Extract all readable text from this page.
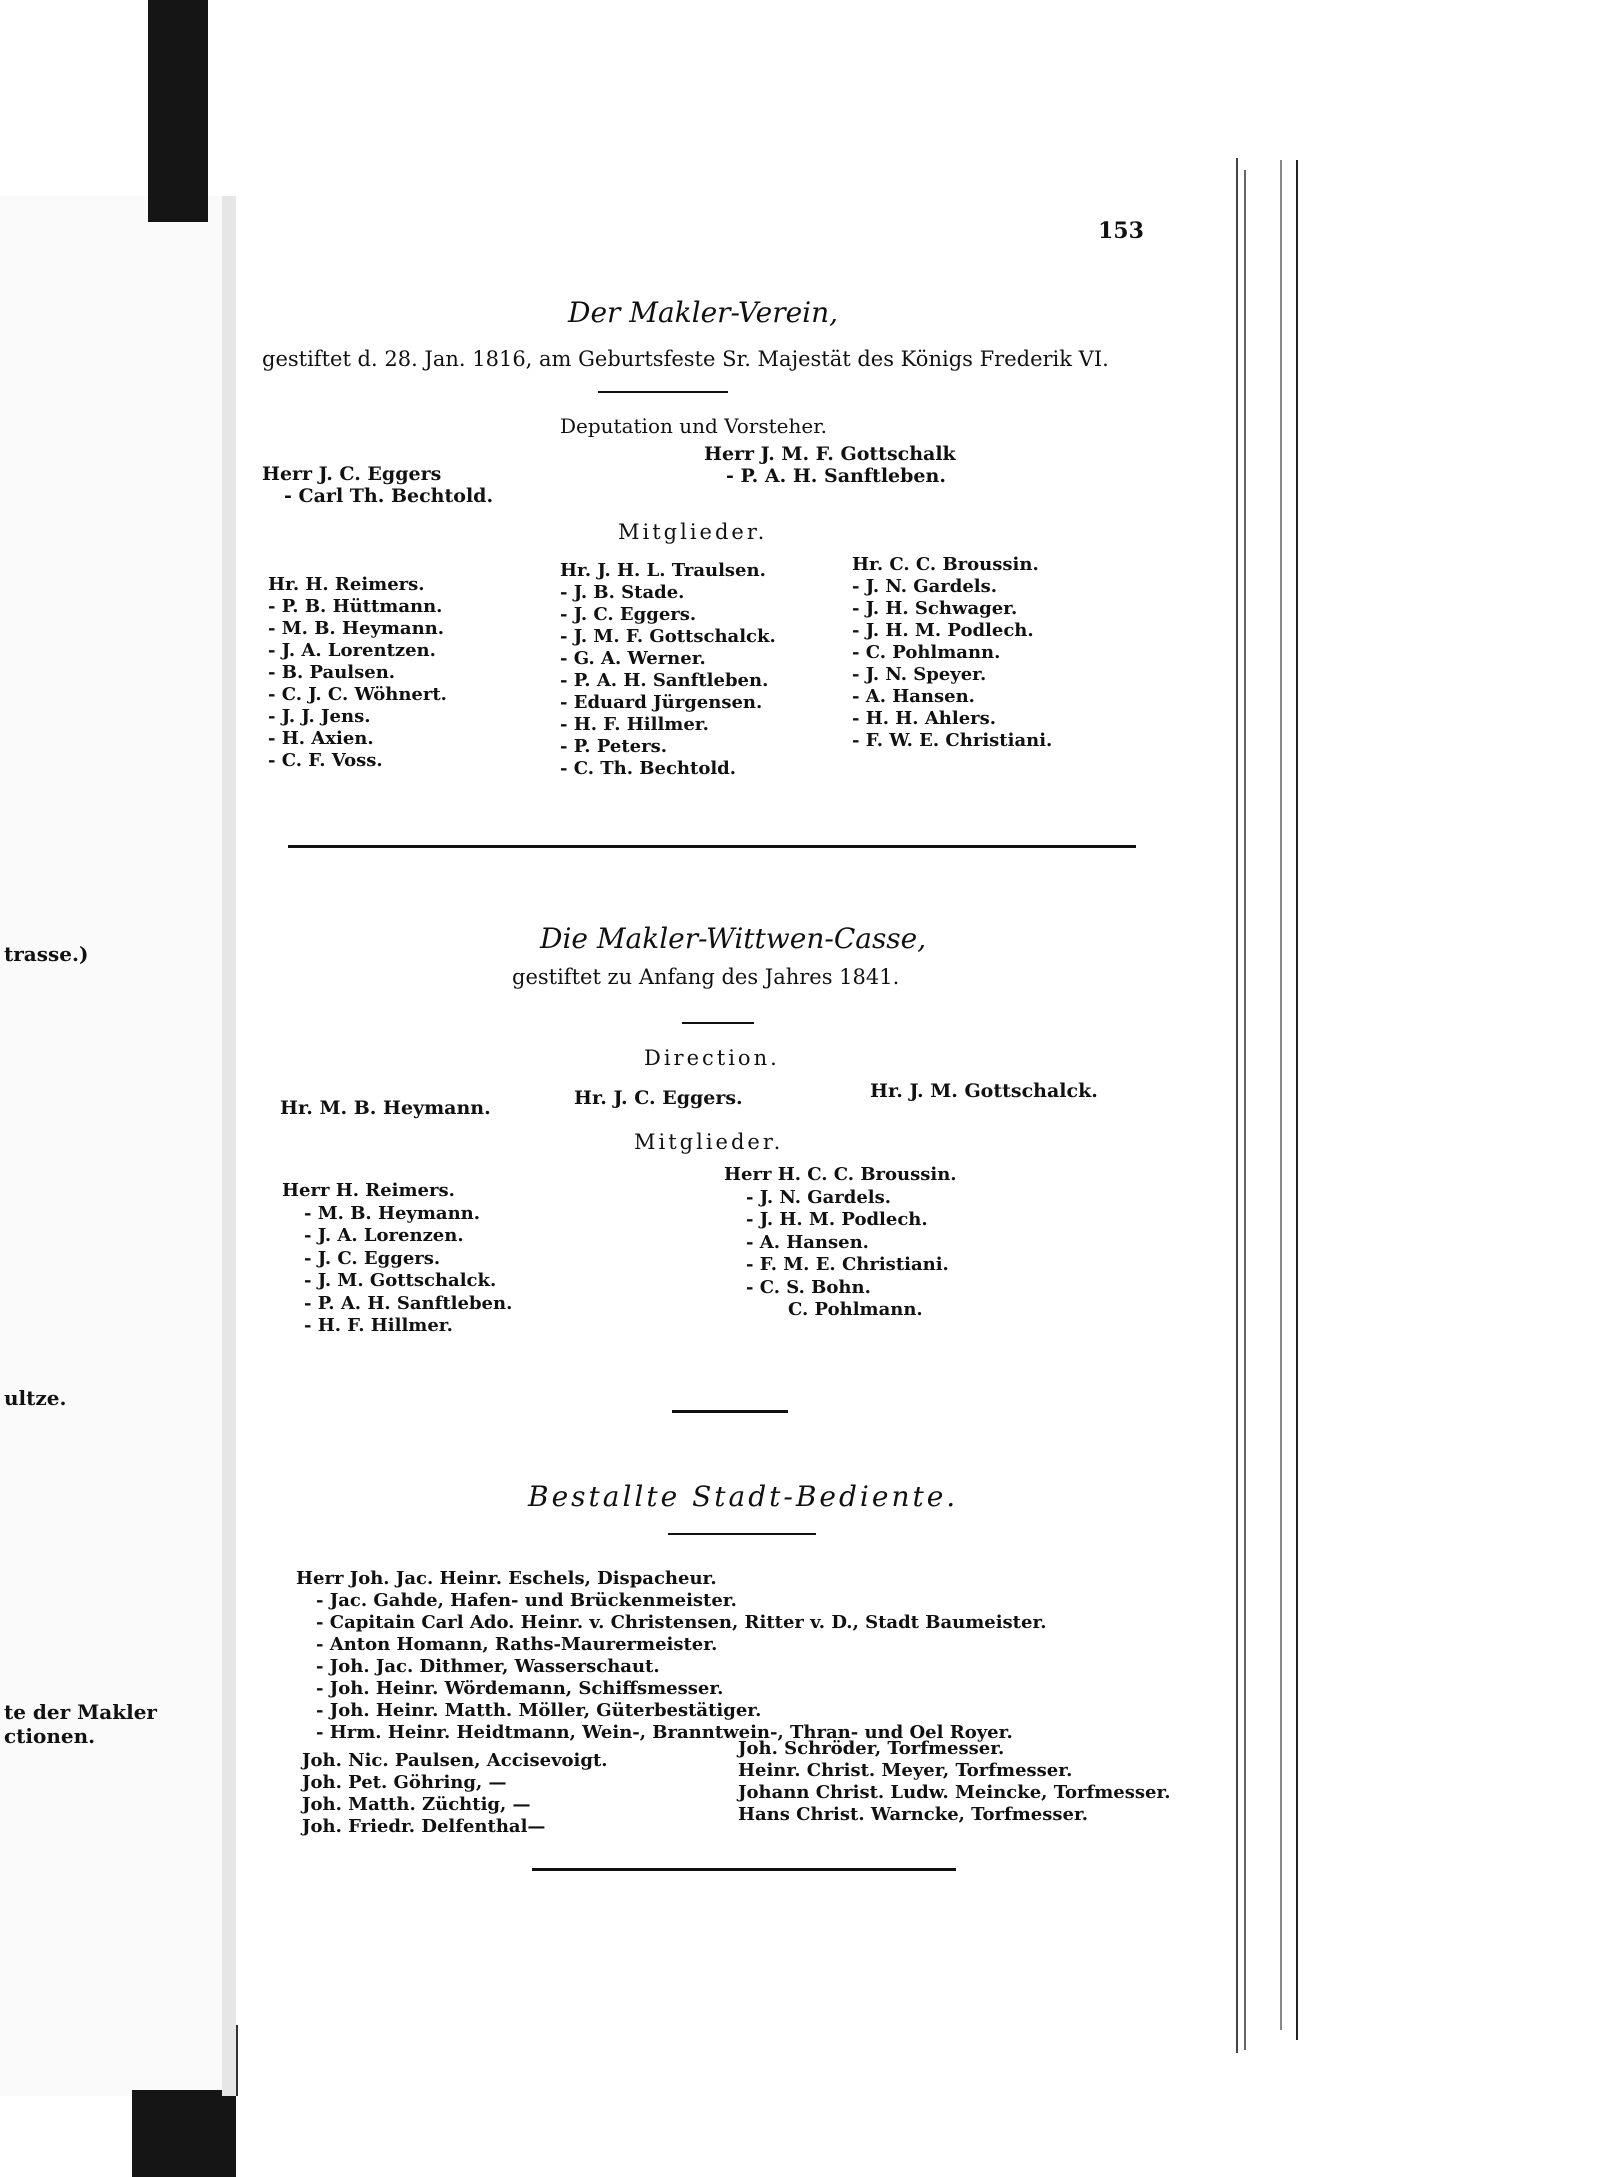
trasse.)
ultze.
te der Makler
ctionen.
153
Der Makler-Verein,
gestiftet d. 28. Jan. 1816, am Geburtsfeste Sr. Majestät des Königs Frederik VI.
Deputation und Vorsteher.
Herr J. C. Eggers
- Carl Th. Bechtold.
Herr J. M. F. Gottschalk
- P. A. H. Sanftleben.
Mitglieder.
Hr. H. Reimers.
- P. B. Hüttmann.
- M. B. Heymann.
- J. A. Lorentzen.
- B. Paulsen.
- C. J. C. Wöhnert.
- J. J. Jens.
- H. Axien.
- C. F. Voss.
Hr. J. H. L. Traulsen.
- J. B. Stade.
- J. C. Eggers.
- J. M. F. Gottschalck.
- G. A. Werner.
- P. A. H. Sanftleben.
- Eduard Jürgensen.
- H. F. Hillmer.
- P. Peters.
- C. Th. Bechtold.
Hr. C. C. Broussin.
- J. N. Gardels.
- J. H. Schwager.
- J. H. M. Podlech.
- C. Pohlmann.
- J. N. Speyer.
- A. Hansen.
- H. H. Ahlers.
- F. W. E. Christiani.
Die Makler-Wittwen-Casse,
gestiftet zu Anfang des Jahres 1841.
Direction.
Hr. M. B. Heymann.	Hr. J. C. Eggers.	Hr. J. M. Gottschalck.
Mitglieder.
Herr H. Reimers.
- M. B. Heymann.
- J. A. Lorenzen.
- J. C. Eggers.
- J. M. Gottschalck.
- P. A. H. Sanftleben.
- H. F. Hillmer.
Herr H. C. C. Broussin.
- J. N. Gardels.
- J. H. M. Podlech.
- A. Hansen.
- F. M. E. Christiani.
- C. S. Bohn.
C. Pohlmann.
Bestallte Stadt-Bediente.
Herr Joh. Jac. Heinr. Eschels, Dispacheur.
- Jac. Gahde, Hafen- und Brückenmeister.
- Capitain Carl Ado. Heinr. v. Christensen, Ritter v. D., Stadt Baumeister.
- Anton Homann, Raths-Maurermeister.
- Joh. Jac. Dithmer, Wasserschaut.
- Joh. Heinr. Wördemann, Schiffsmesser.
- Joh. Heinr. Matth. Möller, Güterbestätiger.
- Hrm. Heinr. Heidtmann, Wein-, Branntwein-, Thran- und Oel Royer.
Joh. Nic. Paulsen, Accisevoigt.
Joh. Pet. Göhring, —
Joh. Matth. Züchtig, —
Joh. Friedr. Delfenthal—
Joh. Schröder, Torfmesser.
Heinr. Christ. Meyer, Torfmesser.
Johann Christ. Ludw. Meincke, Torfmesser.
Hans Christ. Warncke, Torfmesser.
